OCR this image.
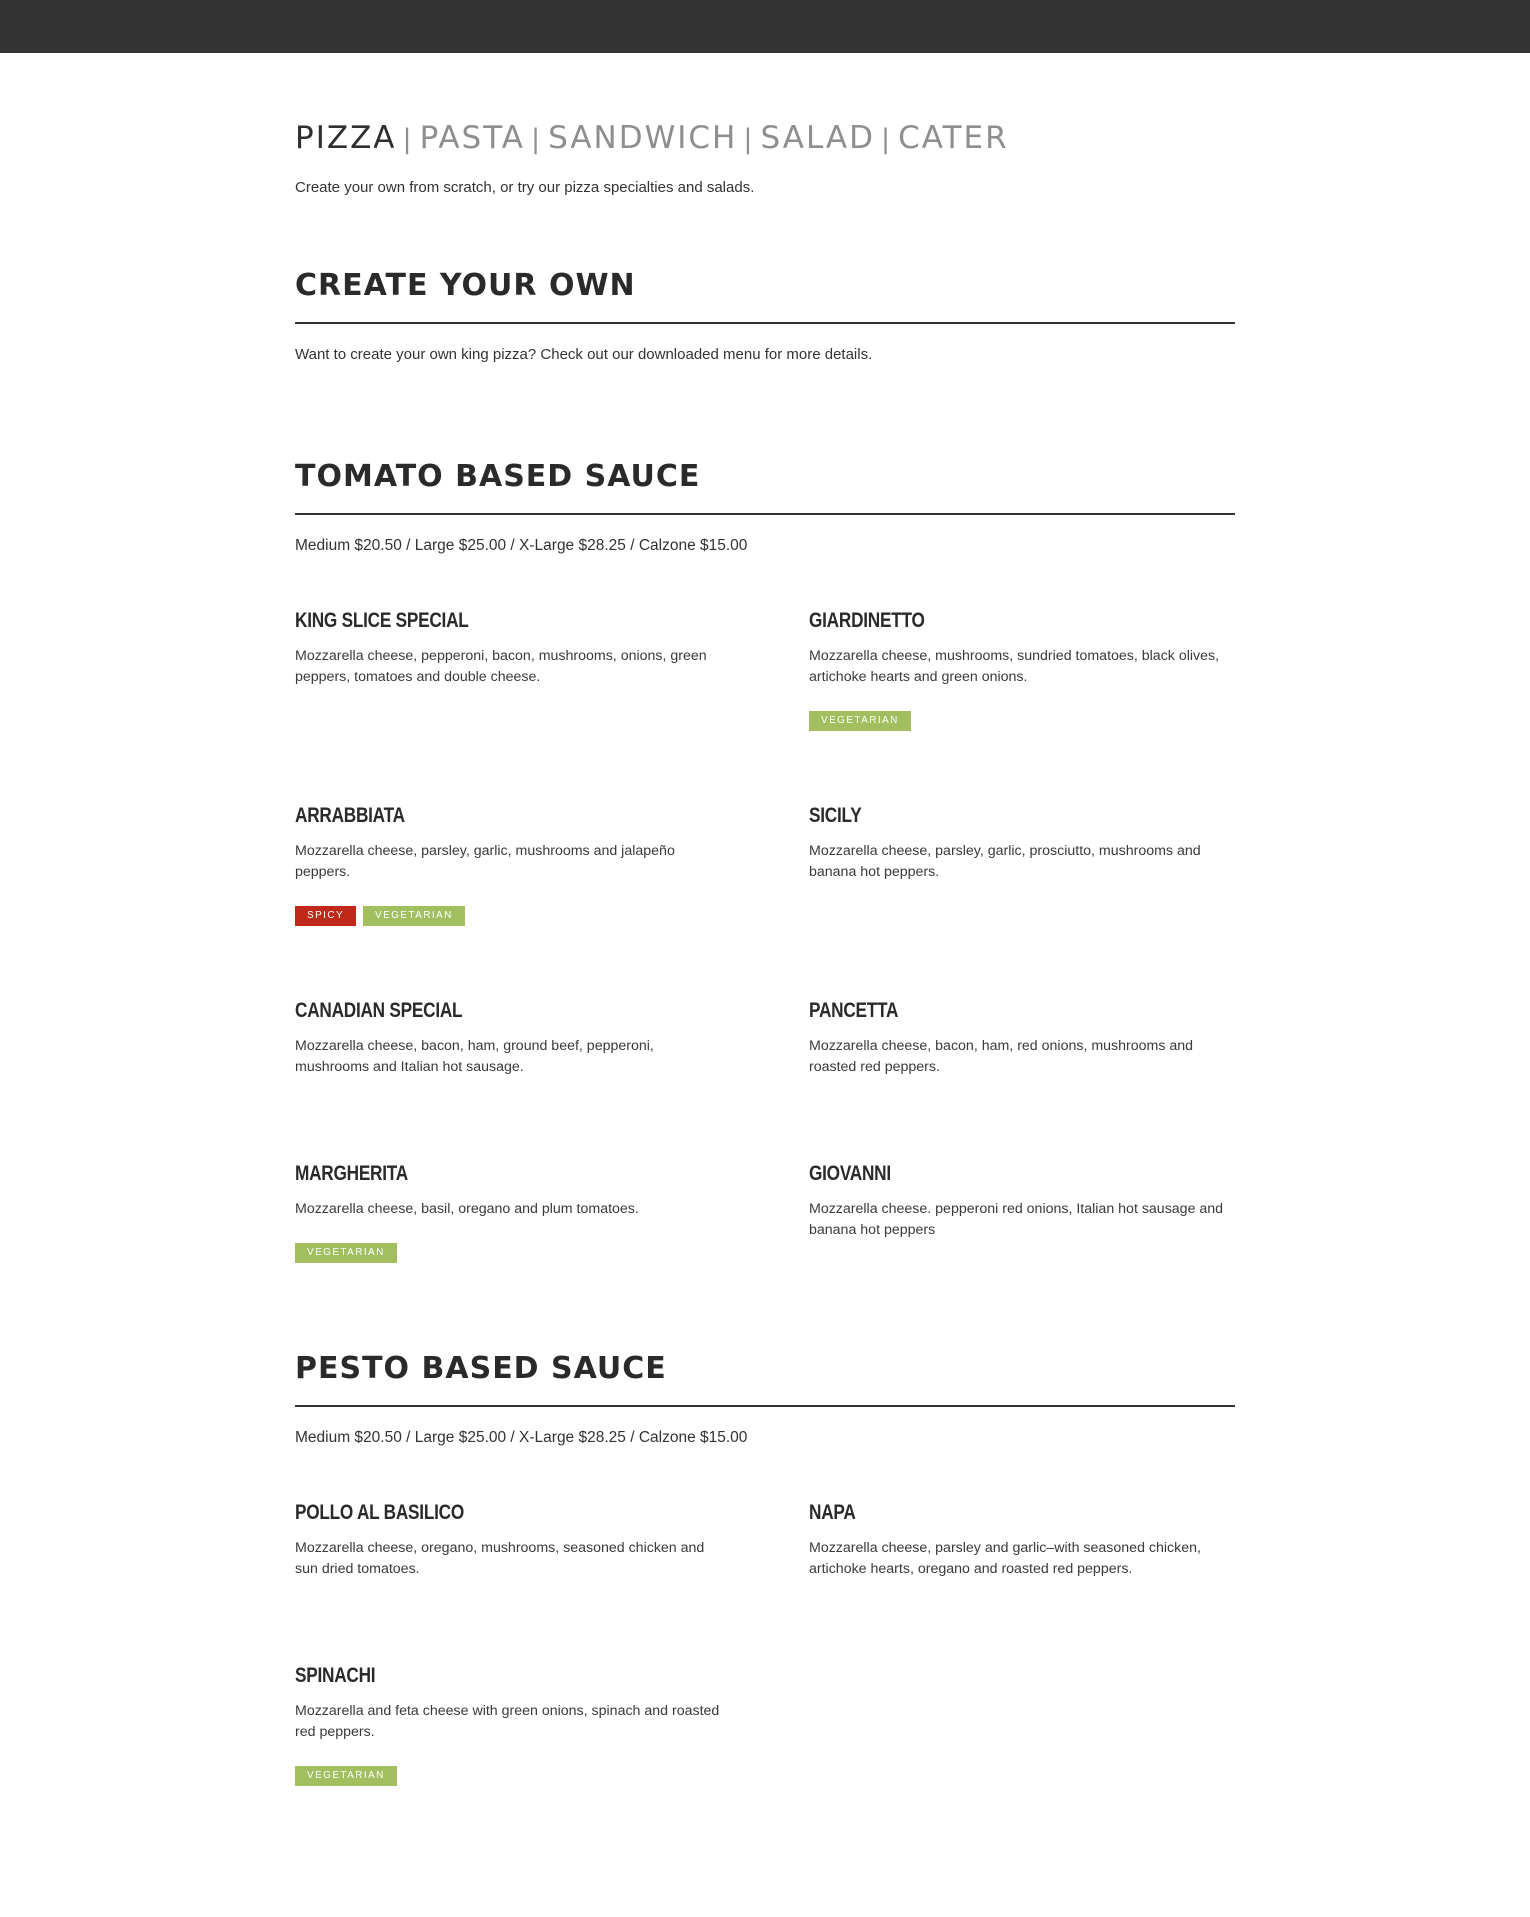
PIZZA | PASTA | SANDWICH | SALAD | CATER
Create your own from scratch, or try our pizza specialties and salads.
CREATE YOUR OWN
Want to create your own king pizza? Check out our downloaded menu for more details.
TOMATO BASED SAUCE
Medium $20.50 / Large $25.00 / X-Large $28.25 / Calzone $15.00
KING SLICE SPECIAL
Mozzarella cheese, pepperoni, bacon, mushrooms, onions, green peppers, tomatoes and double cheese.
GIARDINETTO
Mozzarella cheese, mushrooms, sundried tomatoes, black olives, artichoke hearts and green onions.
VEGETARIAN
ARRABBIATA
Mozzarella cheese, parsley, garlic, mushrooms and jalapeño peppers.
SPICY	VEGETARIAN
SICILY
Mozzarella cheese, parsley, garlic, prosciutto, mushrooms and banana hot peppers.
CANADIAN SPECIAL
Mozzarella cheese, bacon, ham, ground beef, pepperoni, mushrooms and Italian hot sausage.
PANCETTA
Mozzarella cheese, bacon, ham, red onions, mushrooms and roasted red peppers.
MARGHERITA
Mozzarella cheese, basil, oregano and plum tomatoes.
VEGETARIAN
GIOVANNI
Mozzarella cheese. pepperoni red onions, Italian hot sausage and banana hot peppers
PESTO BASED SAUCE
Medium $20.50 / Large $25.00 / X-Large $28.25 / Calzone $15.00
POLLO AL BASILICO
Mozzarella cheese, oregano, mushrooms, seasoned chicken and sun dried tomatoes.
NAPA
Mozzarella cheese, parsley and garlic–with seasoned chicken, artichoke hearts, oregano and roasted red peppers.
SPINACHI
Mozzarella and feta cheese with green onions, spinach and roasted red peppers.
VEGETARIAN
